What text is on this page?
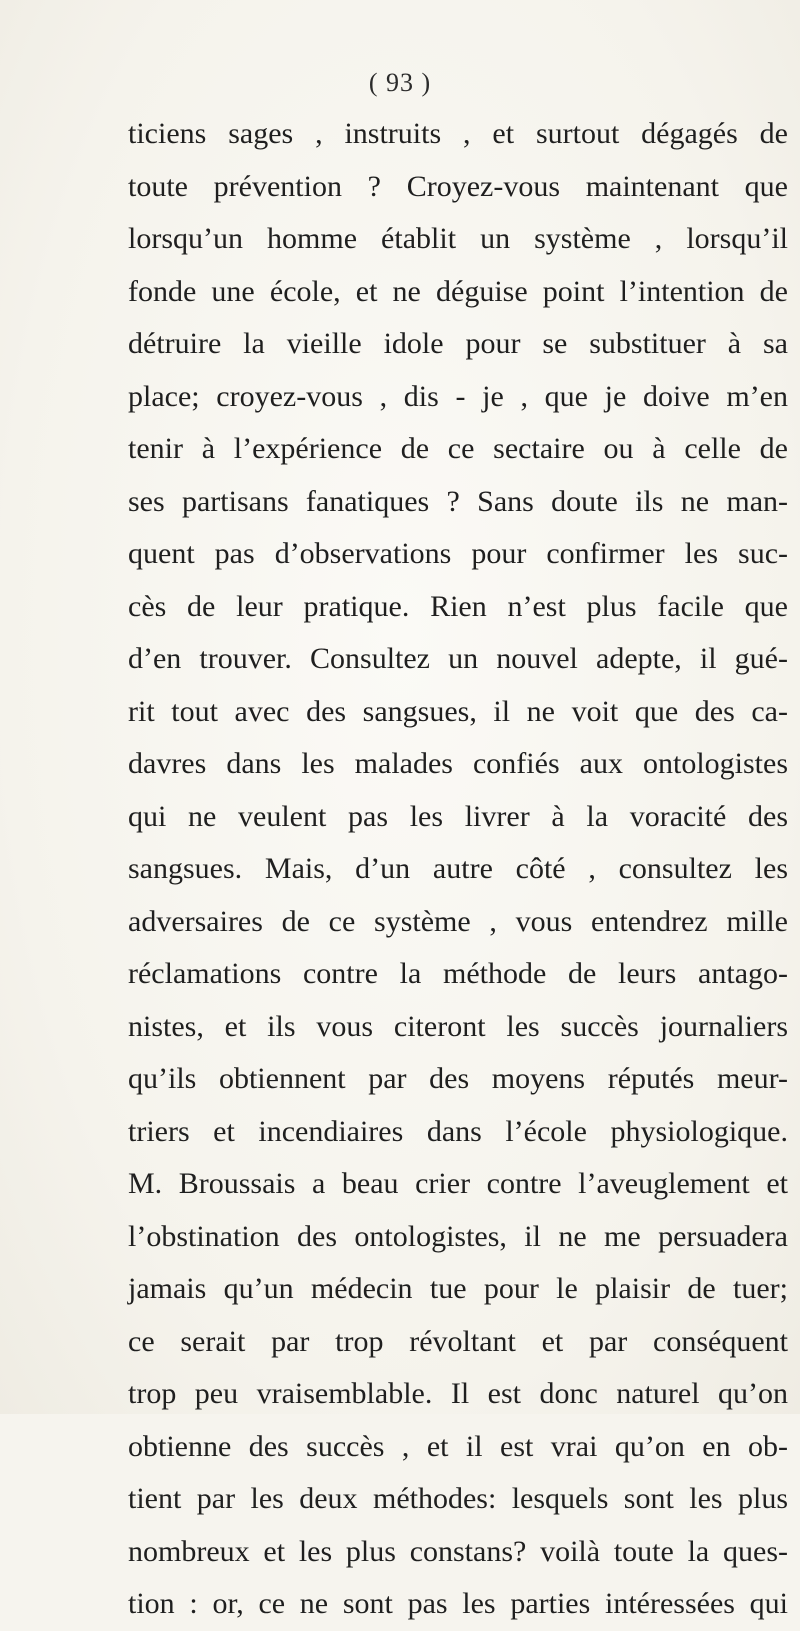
( 93 )
ticiens sages , instruits , et surtout dégagés de
toute prévention ? Croyez-vous maintenant que
lorsqu’un homme établit un système , lorsqu’il
fonde une école, et ne déguise point l’intention de
détruire la vieille idole pour se substituer à sa
place; croyez-vous , dis - je , que je doive m’en
tenir à l’expérience de ce sectaire ou à celle de
ses partisans fanatiques ? Sans doute ils ne man-
quent pas d’observations pour confirmer les suc-
cès de leur pratique. Rien n’est plus facile que
d’en trouver. Consultez un nouvel adepte, il gué-
rit tout avec des sangsues, il ne voit que des ca-
davres dans les malades confiés aux ontologistes
qui ne veulent pas les livrer à la voracité des
sangsues. Mais, d’un autre côté , consultez les
adversaires de ce système , vous entendrez mille
réclamations contre la méthode de leurs antago-
nistes, et ils vous citeront les succès journaliers
qu’ils obtiennent par des moyens réputés meur-
triers et incendiaires dans l’école physiologique.
M. Broussais a beau crier contre l’aveuglement et
l’obstination des ontologistes, il ne me persuadera
jamais qu’un médecin tue pour le plaisir de tuer;
ce serait par trop révoltant et par conséquent
trop peu vraisemblable. Il est donc naturel qu’on
obtienne des succès , et il est vrai qu’on en ob-
tient par les deux méthodes: lesquels sont les plus
nombreux et les plus constans? voilà toute la ques-
tion : or, ce ne sont pas les parties intéressées qui
